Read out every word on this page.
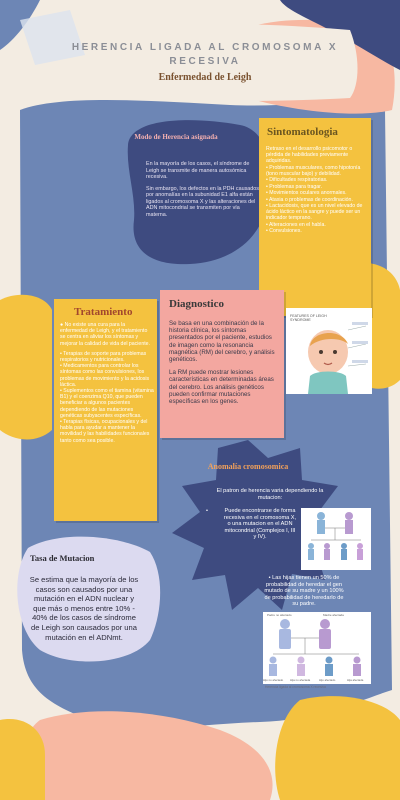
HERENCIA LIGADA AL CROMOSOMA X RECESIVA
Enfermedad de Leigh
Modo de Herencia asignada

En la mayoría de los casos, el síndrome de Leigh se transmite de manera autosómica recesiva.

Sin embargo, los defectos en la PDH causados por anomalías en la subunidad E1 alfa están ligados al cromosoma X y las alteraciones del ADN mitocondrial se transmiten por vía materna.

Sintomatologia
Retraso en el desarrollo psicomotor o pérdida de habilidades previamente adquiridas.
• Problemas musculares, como hipotonía (tono muscular bajo) y debilidad.
• Dificultades respiratorias.
• Problemas para tragar.
• Movimientos oculares anormales.
• Ataxia o problemas de coordinación.
• Lactacidosis, que es un nivel elevado de ácido láctico en la sangre y puede ser un indicador temprano.
• Alteraciones en el habla.
• Convulsiones.
Tratamiento
● No existe una cura para la enfermedad de Leigh, y el tratamiento se centra en aliviar los síntomas y mejorar la calidad de vida del paciente.
• Terapias de soporte para problemas respiratorios y nutricionales.
• Medicamentos para controlar los síntomas como las convulsiones, los problemas de movimiento y la acidosis láctica.
• Suplementos como el tiamina (vitamina B1) y el coenzima Q10, que pueden beneficiar a algunos pacientes dependiendo de las mutaciones genéticas subyacentes específicas.
• Terapias físicas, ocupacionales y del habla para ayudar a mantener la movilidad y las habilidades funcionales tanto como sea posible.
Diagnostico

Se basa en una combinación de la historia clínica, los síntomas presentados por el paciente, estudios de imagen como la resonancia magnética (RM) del cerebro, y análisis genéticos.

La RM puede mostrar lesiones características en determinadas áreas del cerebro. Los análisis genéticos pueden confirmar mutaciones específicas en los genes.

FEATURES OF LEIGH SYNDROME
Anomalía cromosomica
El patron de herencia varia dependiendo la mutacion:
•	Puede encontrarse de forma recesiva en el cromosoma X, o una mutacion en el ADN mitocondrial (Complejos I, III y IV).
• Las hijas tienen un 50% de probabilidad de heredar el gen mutado de su madre y un 100% de probabilidad de heredarlo de su padre.
Tasa de Mutacion
Se estima que la mayoría de los casos son causados por una mutación en el ADN nuclear y que más o menos entre 10% - 40% de los casos de síndrome de Leigh son causados por una mutación en el ADNmt.
Padre no afectado	Madre afectada
Hijo no afectado Hija no afectada	Hijo afectado	Hija afectada
Herencia ligada al cromosoma X recesiva
